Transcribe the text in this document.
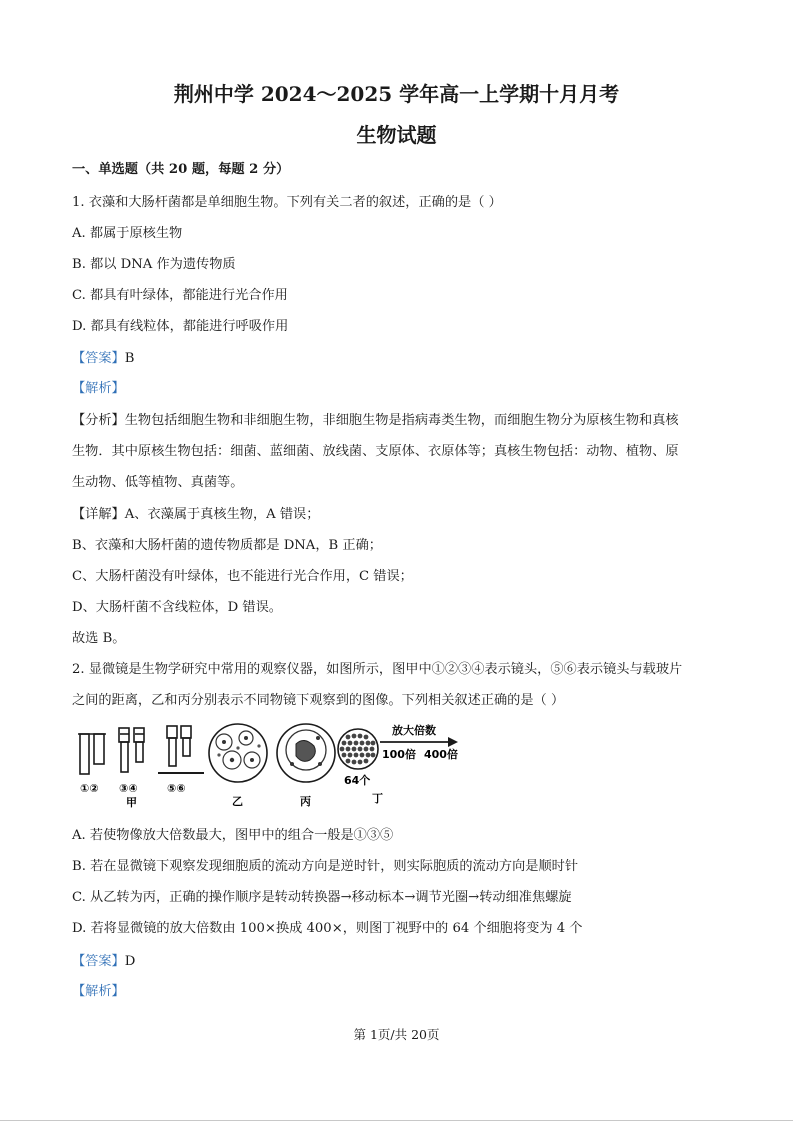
荆州中学 2024～2025 学年高一上学期十月月考
生物试题
一、单选题（共 20 题，每题 2 分）
1. 衣藻和大肠杆菌都是单细胞生物。下列有关二者的叙述，正确的是（ ）
A. 都属于原核生物
B. 都以 DNA 作为遗传物质
C. 都具有叶绿体，都能进行光合作用
D. 都具有线粒体，都能进行呼吸作用
【答案】B
【解析】
【分析】生物包括细胞生物和非细胞生物，非细胞生物是指病毒类生物，而细胞生物分为原核生物和真核
生物．其中原核生物包括：细菌、蓝细菌、放线菌、支原体、衣原体等；真核生物包括：动物、植物、原
生动物、低等植物、真菌等。
【详解】A、衣藻属于真核生物，A 错误；
B、衣藻和大肠杆菌的遗传物质都是 DNA，B 正确；
C、大肠杆菌没有叶绿体，也不能进行光合作用，C 错误；
D、大肠杆菌不含线粒体，D 错误。
故选 B。
2. 显微镜是生物学研究中常用的观察仪器，如图所示，图甲中①②③④表示镜头，⑤⑥表示镜头与载玻片
之间的距离，乙和丙分别表示不同物镜下观察到的图像。下列相关叙述正确的是（ ）
①② ③④
甲
⑤⑥
乙	丙
64个
丁
放大倍数
100倍 400倍
A. 若使物像放大倍数最大，图甲中的组合一般是①③⑤
B. 若在显微镜下观察发现细胞质的流动方向是逆时针，则实际胞质的流动方向是顺时针
C. 从乙转为丙，正确的操作顺序是转动转换器→移动标本→调节光圈→转动细准焦螺旋
D. 若将显微镜的放大倍数由 100×换成 400×，则图丁视野中的 64 个细胞将变为 4 个
【答案】D
【解析】
第 1页/共 20页
